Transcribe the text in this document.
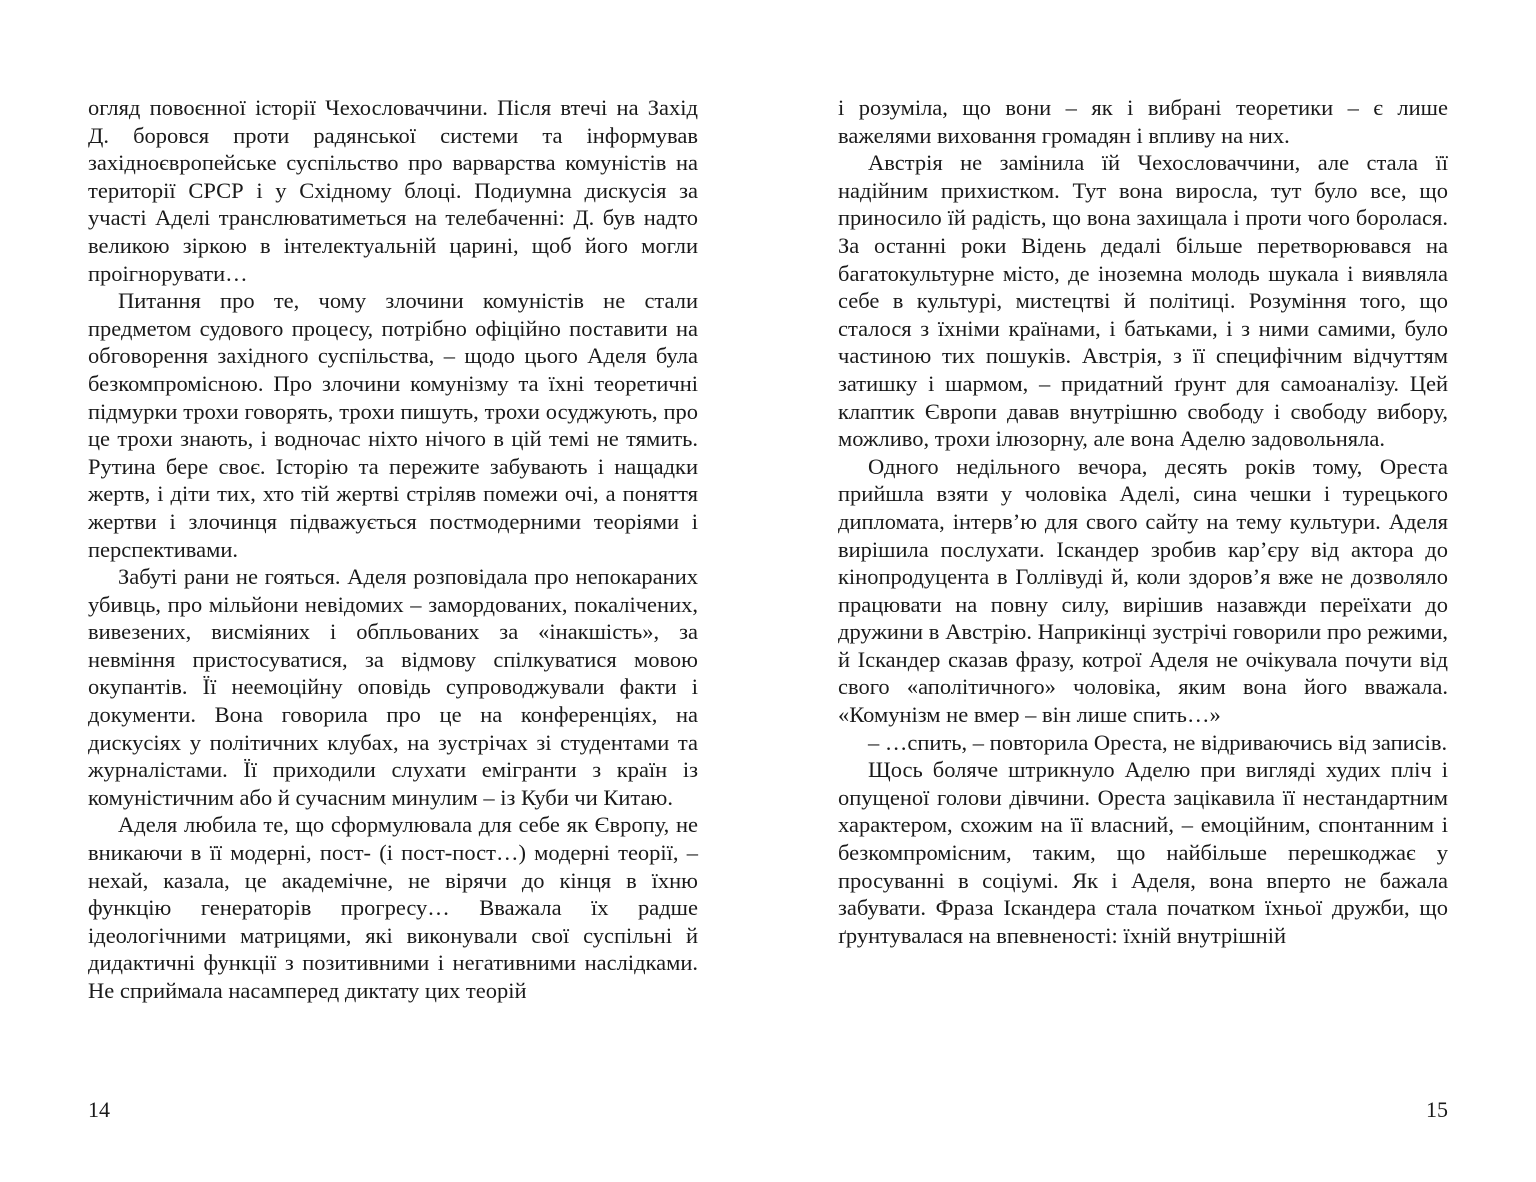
огляд повоєнної історії Чехословаччини. Після втечі на Захід Д. боровся проти радянської системи та інформував західноєвропейське суспільство про варварства комуністів на території СРСР і у Східному блоці. Подиумна дискусія за участі Аделі транслюватиметься на телебаченні: Д. був надто великою зіркою в інтелектуальній царині, щоб його могли проігнорувати…

Питання про те, чому злочини комуністів не стали предметом судового процесу, потрібно офіційно поставити на обговорення західного суспільства, – щодо цього Аделя була безкомпромісною. Про злочини комунізму та їхні теоретичні підмурки трохи говорять, трохи пишуть, трохи осуджують, про це трохи знають, і водночас ніхто нічого в цій темі не тямить. Рутина бере своє. Історію та пережите забувають і нащадки жертв, і діти тих, хто тій жертві стріляв помежи очі, а поняття жертви і злочинця підважується постмодерними теоріями і перспективами.

Забуті рани не гояться. Аделя розповідала про непокараних убивць, про мільйони невідомих – замордованих, покалічених, вивезених, висміяних і обпльованих за «інакшість», за невміння пристосуватися, за відмову спілкуватися мовою окупантів. Її неемоційну оповідь супроводжували факти і документи. Вона говорила про це на конференціях, на дискусіях у політичних клубах, на зустрічах зі студентами та журналістами. Її приходили слухати емігранти з країн із комуністичним або й сучасним минулим – із Куби чи Китаю.

Аделя любила те, що сформулювала для себе як Європу, не вникаючи в її модерні, пост- (і пост-пост…) модерні теорії, – нехай, казала, це академічне, не вірячи до кінця в їхню функцію генераторів прогресу… Вважала їх радше ідеологічними матрицями, які виконували свої суспільні й дидактичні функції з позитивними і негативними наслідками. Не сприймала насамперед диктату цих теорій

14

і розуміла, що вони – як і вибрані теоретики – є лише важелями виховання громадян і впливу на них.

Австрія не замінила їй Чехословаччини, але стала її надійним прихистком. Тут вона виросла, тут було все, що приносило їй радість, що вона захищала і проти чого боролася. За останні роки Відень дедалі більше перетворювався на багатокультурне місто, де іноземна молодь шукала і виявляла себе в культурі, мистецтві й політиці. Розуміння того, що сталося з їхніми країнами, і батьками, і з ними самими, було частиною тих пошуків. Австрія, з її специфічним відчуттям затишку і шармом, – придатний ґрунт для самоаналізу. Цей клаптик Європи давав внутрішню свободу і свободу вибору, можливо, трохи ілюзорну, але вона Аделю задовольняла.

Одного недільного вечора, десять років тому, Ореста прийшла взяти у чоловіка Аделі, сина чешки і турецького дипломата, інтерв’ю для свого сайту на тему культури. Аделя вирішила послухати. Іскандер зробив кар’єру від актора до кінопродуцента в Голлівуді й, коли здоров’я вже не дозволяло працювати на повну силу, вирішив назавжди переїхати до дружини в Австрію. Наприкінці зустрічі говорили про режими, й Іскандер сказав фразу, котрої Аделя не очікувала почути від свого «аполітичного» чоловіка, яким вона його вважала. «Комунізм не вмер – він лише спить…»

– …спить, – повторила Ореста, не відриваючись від записів.

Щось боляче штрикнуло Аделю при вигляді худих пліч і опущеної голови дівчини. Ореста зацікавила її нестандартним характером, схожим на її власний, – емоційним, спонтанним і безкомпромісним, таким, що найбільше перешкоджає у просуванні в соціумі. Як і Аделя, вона вперто не бажала забувати. Фраза Іскандера стала початком їхньої дружби, що ґрунтувалася на впевненості: їхній внутрішній

15
